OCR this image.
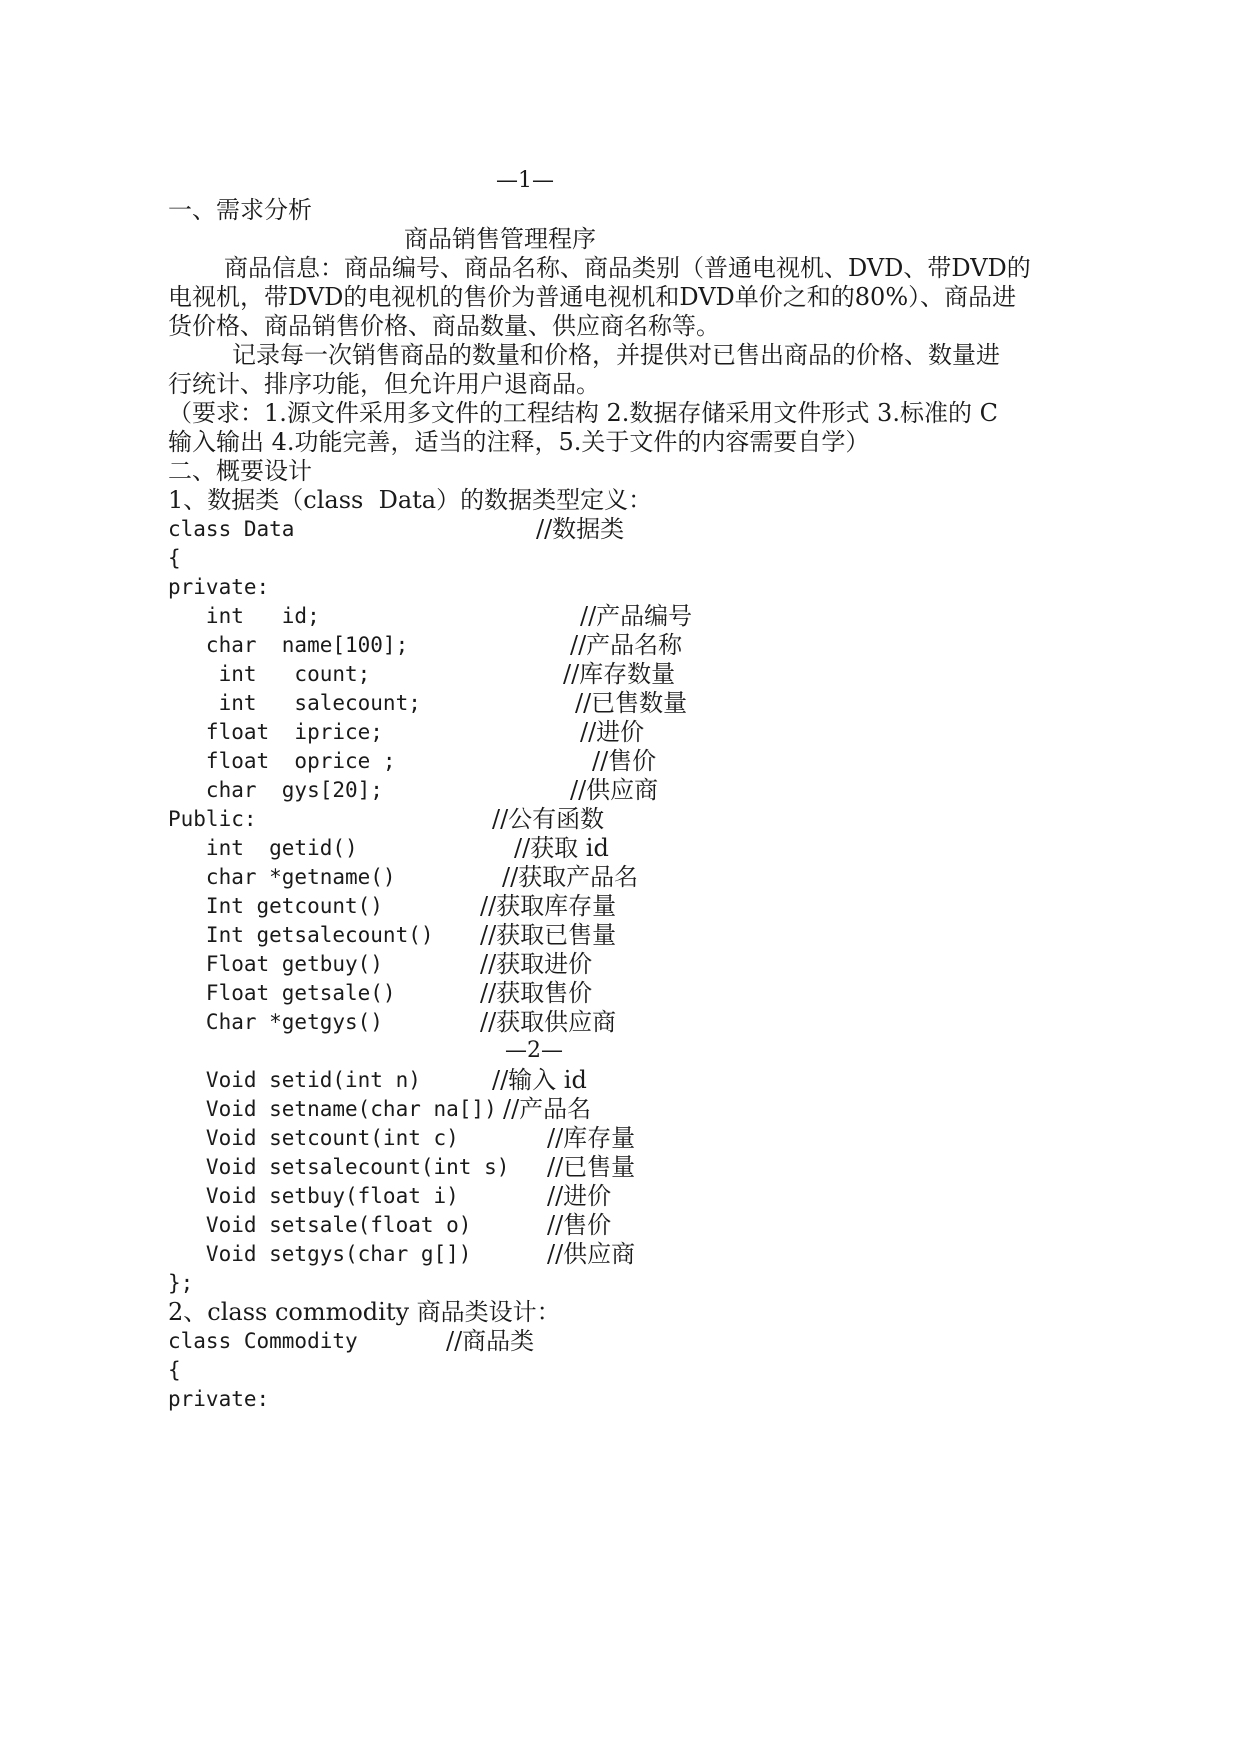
—1—
一、需求分析
商品销售管理程序
商品信息：商品编号、商品名称、商品类别（普通电视机、DVD、带DVD的
电视机，带DVD的电视机的售价为普通电视机和DVD单价之和的80%）、商品进
货价格、商品销售价格、商品数量、供应商名称等。
记录每一次销售商品的数量和价格，并提供对已售出商品的价格、数量进
行统计、排序功能，但允许用户退商品。
（要求：1.源文件采用多文件的工程结构 2.数据存储采用文件形式 3.标准的 C
输入输出 4.功能完善，适当的注释，5.关于文件的内容需要自学）
二、概要设计
1、数据类（class  Data）的数据类型定义：
class Data	//数据类
{
private:
int   id;	//产品编号
char  name[100];	//产品名称
int   count;	//库存数量
int   salecount;	//已售数量
float  iprice;	//进价
float  oprice ;	//售价
char  gys[20];	//供应商
Public:	//公有函数
int  getid()	//获取 id
char *getname()	//获取产品名
Int getcount()	//获取库存量
Int getsalecount() //获取已售量
Float getbuy()	//获取进价
Float getsale()	//获取售价
Char *getgys()	//获取供应商
—2—
Void setid(int n)	//输入 id
Void setname(char na[]) //产品名
Void setcount(int c)	//库存量
Void setsalecount(int s) //已售量
Void setbuy(float i)	//进价
Void setsale(float o)	//售价
Void setgys(char g[])	//供应商
};
2、class commodity 商品类设计：
class Commodity	//商品类
{
private:
